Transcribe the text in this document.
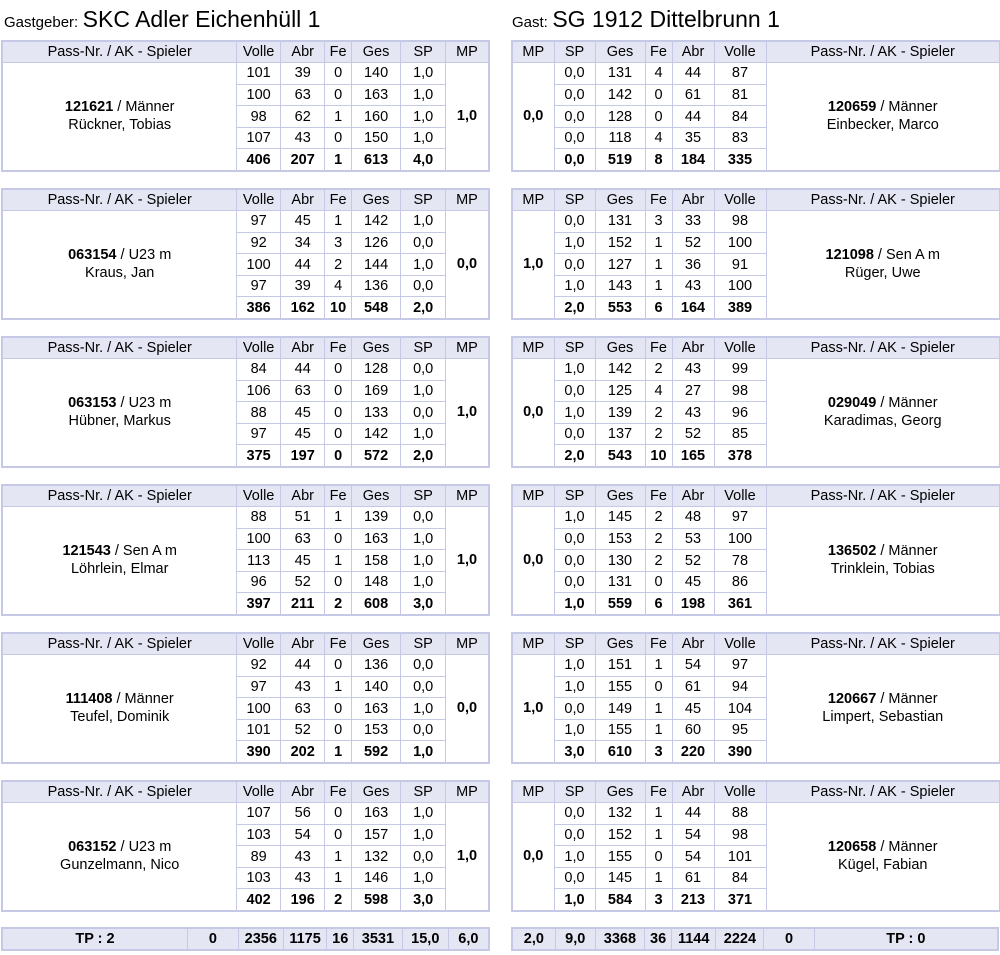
Gastgeber: SKC Adler Eichenhüll 1	Gast: SG 1912 Dittelbrunn 1
Pass-Nr. / AK - Spieler	Volle	Abr	Fe	Ges	SP	MP
121621 / Männer
Rückner, Tobias	101	39	0	140	1,0	1,0
	100	63	0	163	1,0	
	98	62	1	160	1,0	
	107	43	0	150	1,0	
	406	207	1	613	4,0	
MP	SP	Ges	Fe	Abr	Volle	Pass-Nr. / AK - Spieler
0,0	0,0	131	4	44	87	120659 / Männer
Einbecker, Marco
	0,0	142	0	61	81	
	0,0	128	0	44	84	
	0,0	118	4	35	83	
	0,0	519	8	184	335	
Pass-Nr. / AK - Spieler	Volle	Abr	Fe	Ges	SP	MP
063154 / U23 m
Kraus, Jan	97	45	1	142	1,0	0,0
	92	34	3	126	0,0	
	100	44	2	144	1,0	
	97	39	4	136	0,0	
	386	162	10	548	2,0	
MP	SP	Ges	Fe	Abr	Volle	Pass-Nr. / AK - Spieler
1,0	0,0	131	3	33	98	121098 / Sen A m
Rüger, Uwe
	1,0	152	1	52	100	
	0,0	127	1	36	91	
	1,0	143	1	43	100	
	2,0	553	6	164	389	
Pass-Nr. / AK - Spieler	Volle	Abr	Fe	Ges	SP	MP
063153 / U23 m
Hübner, Markus	84	44	0	128	0,0	1,0
	106	63	0	169	1,0	
	88	45	0	133	0,0	
	97	45	0	142	1,0	
	375	197	0	572	2,0	
MP	SP	Ges	Fe	Abr	Volle	Pass-Nr. / AK - Spieler
0,0	1,0	142	2	43	99	029049 / Männer
Karadimas, Georg
	0,0	125	4	27	98	
	1,0	139	2	43	96	
	0,0	137	2	52	85	
	2,0	543	10	165	378	
Pass-Nr. / AK - Spieler	Volle	Abr	Fe	Ges	SP	MP
121543 / Sen A m
Löhrlein, Elmar	88	51	1	139	0,0	1,0
	100	63	0	163	1,0	
	113	45	1	158	1,0	
	96	52	0	148	1,0	
	397	211	2	608	3,0	
MP	SP	Ges	Fe	Abr	Volle	Pass-Nr. / AK - Spieler
0,0	1,0	145	2	48	97	136502 / Männer
Trinklein, Tobias
	0,0	153	2	53	100	
	0,0	130	2	52	78	
	0,0	131	0	45	86	
	1,0	559	6	198	361	
Pass-Nr. / AK - Spieler	Volle	Abr	Fe	Ges	SP	MP
111408 / Männer
Teufel, Dominik	92	44	0	136	0,0	0,0
	97	43	1	140	0,0	
	100	63	0	163	1,0	
	101	52	0	153	0,0	
	390	202	1	592	1,0	
MP	SP	Ges	Fe	Abr	Volle	Pass-Nr. / AK - Spieler
1,0	1,0	151	1	54	97	120667 / Männer
Limpert, Sebastian
	1,0	155	0	61	94	
	0,0	149	1	45	104	
	1,0	155	1	60	95	
	3,0	610	3	220	390	
Pass-Nr. / AK - Spieler	Volle	Abr	Fe	Ges	SP	MP
063152 / U23 m
Gunzelmann, Nico	107	56	0	163	1,0	1,0
	103	54	0	157	1,0	
	89	43	1	132	0,0	
	103	43	1	146	1,0	
	402	196	2	598	3,0	
MP	SP	Ges	Fe	Abr	Volle	Pass-Nr. / AK - Spieler
0,0	0,0	132	1	44	88	120658 / Männer
Kügel, Fabian
	0,0	152	1	54	98	
	1,0	155	0	54	101	
	0,0	145	1	61	84	
	1,0	584	3	213	371	
TP : 2	0	2356	1175	16	3531	15,0	6,0	2,0	9,0	3368	36	1144	2224	0	TP : 0
